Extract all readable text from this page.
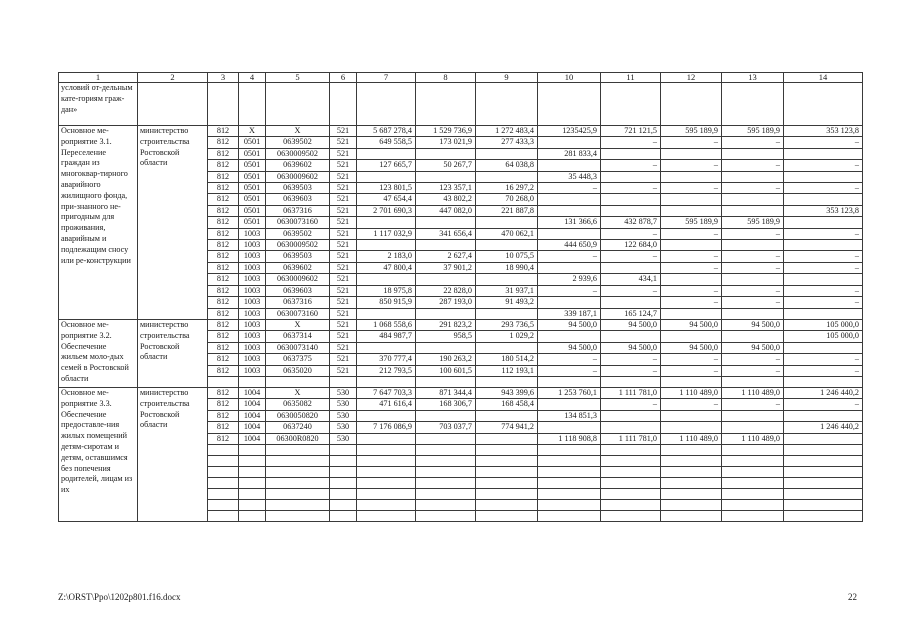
1	2	3	4	5	6	7	8	9	10	11	12	13	14
условий от-дельным кате-гориям граж-дан»													
Основное ме-роприятие 3.1. Переселение граждан из многоквар-тирного аварийного жилищного фонда, при-знанного не-пригодным для проживания, аварийным и подлежащим сносу или ре-конструкции	министерство строительства Ростовской области	812	Х	Х	521	5 687 278,4	1 529 736,9	1 272 483,4	1235425,9	721 121,5	595 189,9	595 189,9	353 123,8
		812	0501	0639502	521	649 558,5	173 021,9	277 433,3		–	–	–	–
		812	0501	0630009502	521				281 833,4				
		812	0501	0639602	521	127 665,7	50 267,7	64 038,8		–	–	–	–
		812	0501	0630009602	521				35 448,3				
		812	0501	0639503	521	123 801,5	123 357,1	16 297,2	–	–	–	–	–
		812	0501	0639603	521	47 654,4	43 802,2	70 268,0					
		812	0501	0637316	521	2 701 690,3	447 082,0	221 887,8					353 123,8
		812	0501	0630073160	521				131 366,6	432 878,7	595 189,9	595 189,9	
		812	1003	0639502	521	1 117 032,9	341 656,4	470 062,1		–	–	–	–
		812	1003	0630009502	521				444 650,9	122 684,0			
		812	1003	0639503	521	2 183,0	2 627,4	10 075,5	–	–	–	–	–
		812	1003	0639602	521	47 800,4	37 901,2	18 990,4			–	–	–
		812	1003	0630009602	521				2 939,6	434,1			
		812	1003	0639603	521	18 975,8	22 828,0	31 937,1	–	–	–	–	–
		812	1003	0637316	521	850 915,9	287 193,0	91 493,2			–	–	–
		812	1003	0630073160	521				339 187,1	165 124,7			
Основное ме-роприятие 3.2. Обеспечение жильем моло-дых семей в Ростовской области	министерство строительства Ростовской области	812	1003	Х	521	1 068 558,6	291 823,2	293 736,5	94 500,0	94 500,0	94 500,0	94 500,0	105 000,0
		812	1003	0637314	521	484 987,7	958,5	1 029,2					105 000,0
		812	1003	0630073140	521				94 500,0	94 500,0	94 500,0	94 500,0	
		812	1003	0637375	521	370 777,4	190 263,2	180 514,2	–	–	–	–	–
		812	1003	0635020	521	212 793,5	100 601,5	112 193,1	–	–	–	–	–

Основное ме-роприятие 3.3. Обеспечение предоставле-ния жилых помещений детям-сиротам и детям, оставшимся без попечения родителей, лицам из их	министерство строительства Ростовской области	812	1004	Х	530	7 647 703,3	871 344,4	943 399,6	1 253 760,1	1 111 781,0	1 110 489,0	1 110 489,0	1 246 440,2
		812	1004	0635082	530	471 616,4	168 306,7	168 458,4		–	–	–	–
		812	1004	0630050820	530				134 851,3				
		812	1004	0637240	530	7 176 086,9	703 037,7	774 941,2					1 246 440,2
		812	1004	06300R0820	530				1 118 908,8	1 111 781,0	1 110 489,0	1 110 489,0	

Z:\ORST\Ppo\1202p801.f16.docx	22
